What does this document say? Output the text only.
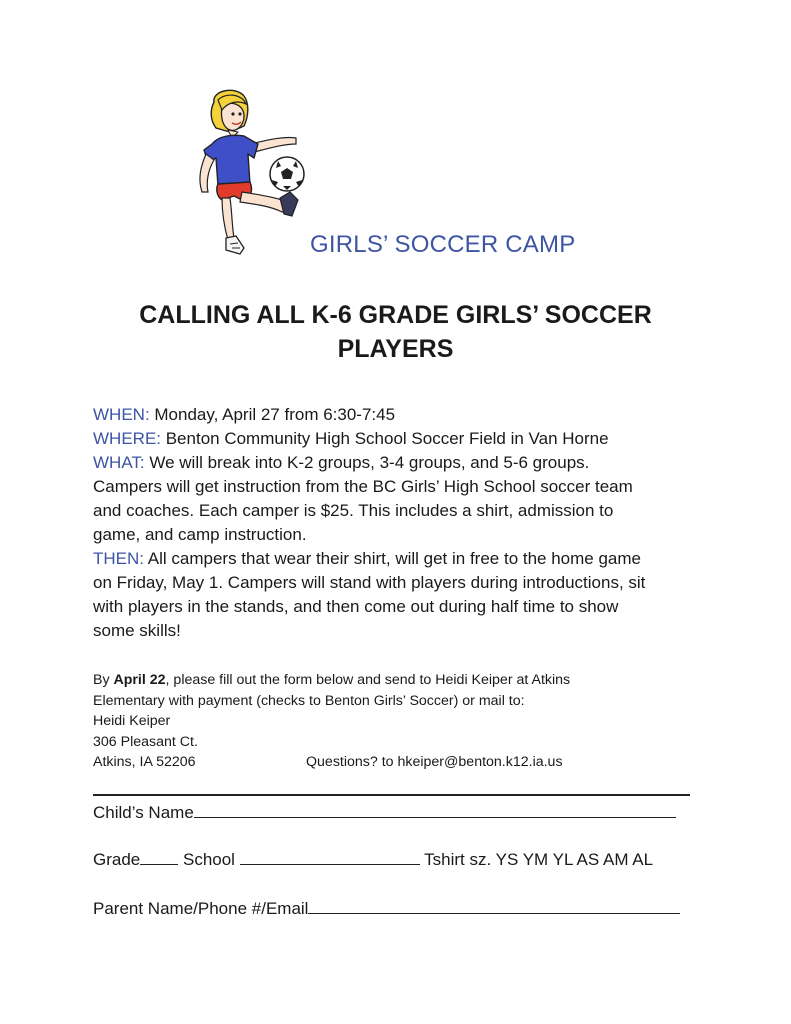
GIRLS’ SOCCER CAMP
CALLING ALL K-6 GRADE GIRLS’ SOCCER
PLAYERS
WHEN: Monday, April 27 from 6:30-7:45
WHERE: Benton Community High School Soccer Field in Van Horne
WHAT: We will break into K-2 groups, 3-4 groups, and 5-6 groups.
Campers will get instruction from the BC Girls’ High School soccer team
and coaches. Each camper is $25. This includes a shirt, admission to
game, and camp instruction.
THEN: All campers that wear their shirt, will get in free to the home game
on Friday, May 1. Campers will stand with players during introductions, sit
with players in the stands, and then come out during half time to show
some skills!
By April 22, please fill out the form below and send to Heidi Keiper at Atkins
Elementary with payment (checks to Benton Girls’ Soccer) or mail to:
Heidi Keiper
306 Pleasant Ct.
Atkins, IA 52206	Questions? to hkeiper@benton.k12.ia.us
Child’s Name
Grade	School	Tshirt sz. YS YM YL AS AM AL
Parent Name/Phone #/Email
